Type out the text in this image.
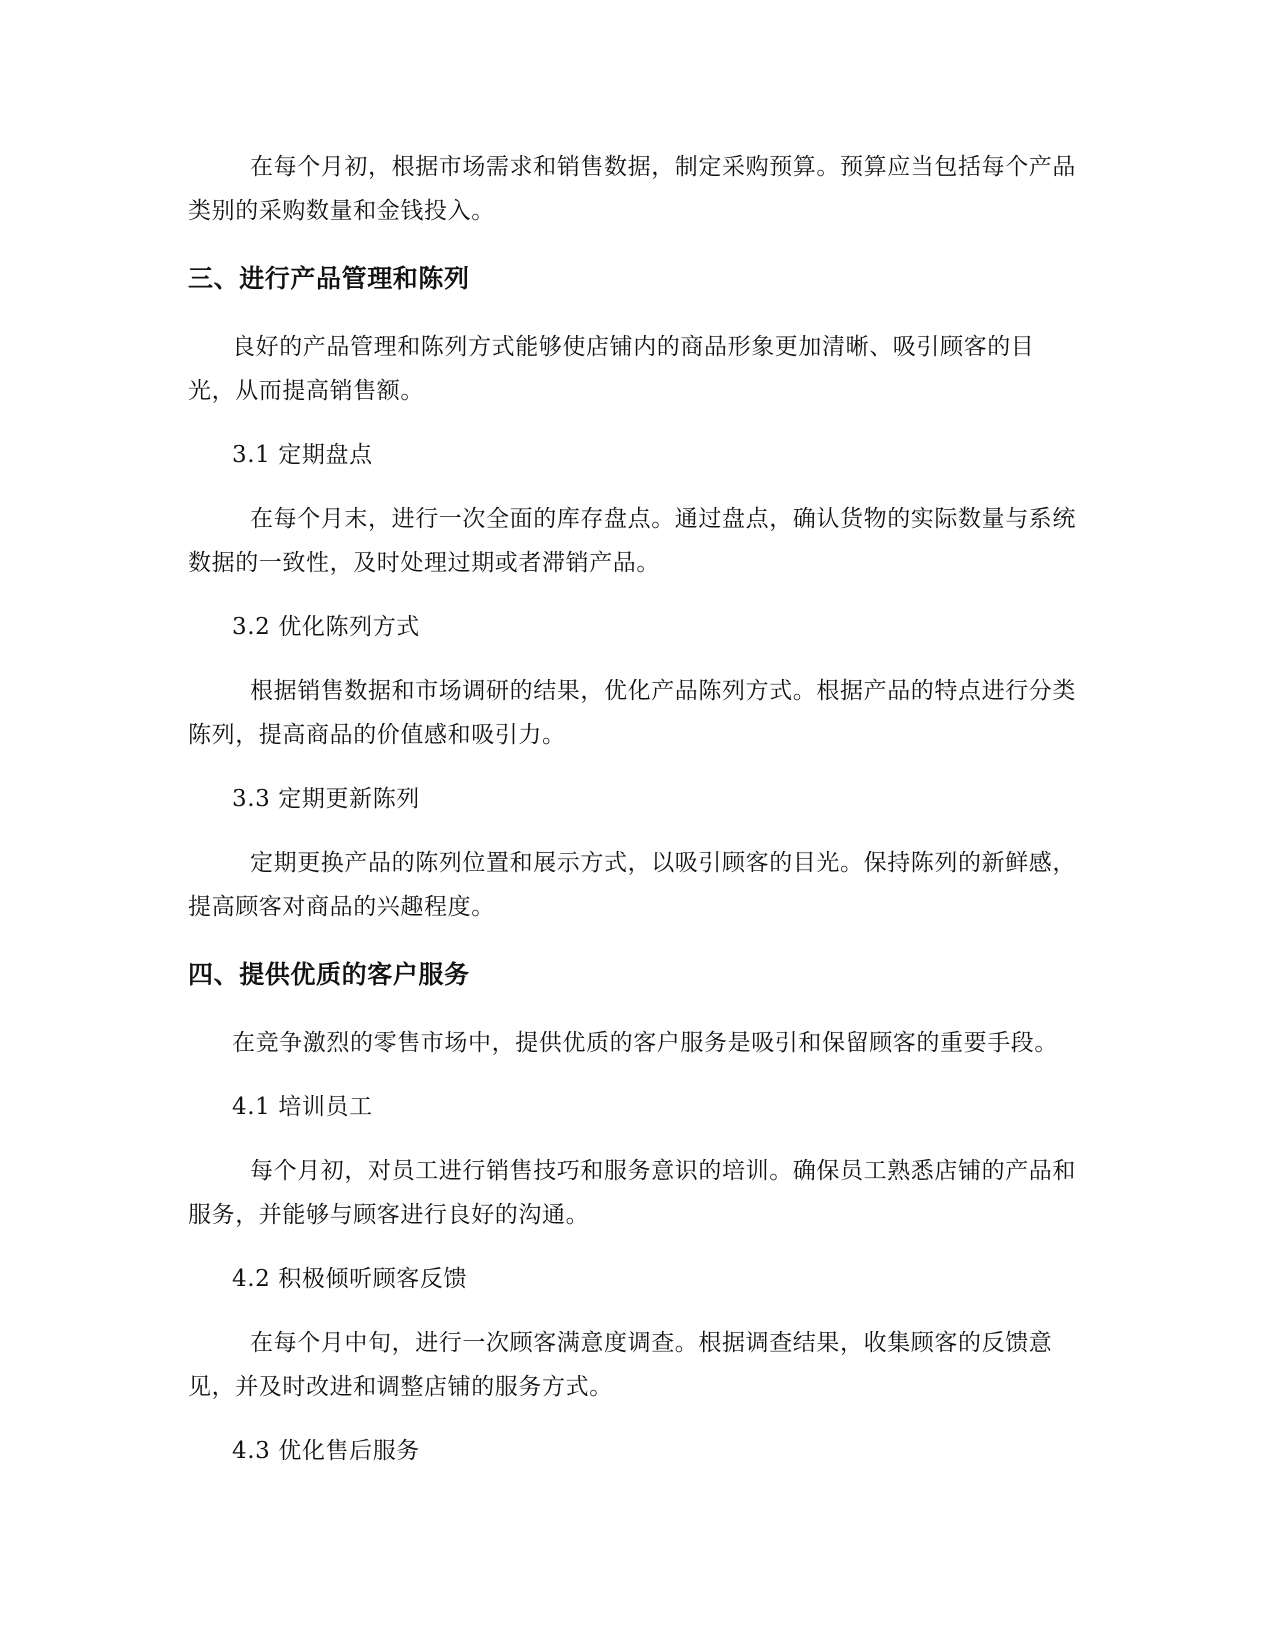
在每个月初，根据市场需求和销售数据，制定采购预算。预算应当包括每个产品类别的采购数量和金钱投入。

三、进行产品管理和陈列

良好的产品管理和陈列方式能够使店铺内的商品形象更加清晰、吸引顾客的目光，从而提高销售额。

3.1 定期盘点

在每个月末，进行一次全面的库存盘点。通过盘点，确认货物的实际数量与系统数据的一致性，及时处理过期或者滞销产品。

3.2 优化陈列方式

根据销售数据和市场调研的结果，优化产品陈列方式。根据产品的特点进行分类陈列，提高商品的价值感和吸引力。

3.3 定期更新陈列

定期更换产品的陈列位置和展示方式，以吸引顾客的目光。保持陈列的新鲜感，提高顾客对商品的兴趣程度。

四、提供优质的客户服务

在竞争激烈的零售市场中，提供优质的客户服务是吸引和保留顾客的重要手段。

4.1 培训员工

每个月初，对员工进行销售技巧和服务意识的培训。确保员工熟悉店铺的产品和服务，并能够与顾客进行良好的沟通。

4.2 积极倾听顾客反馈

在每个月中旬，进行一次顾客满意度调查。根据调查结果，收集顾客的反馈意见，并及时改进和调整店铺的服务方式。

4.3 优化售后服务
